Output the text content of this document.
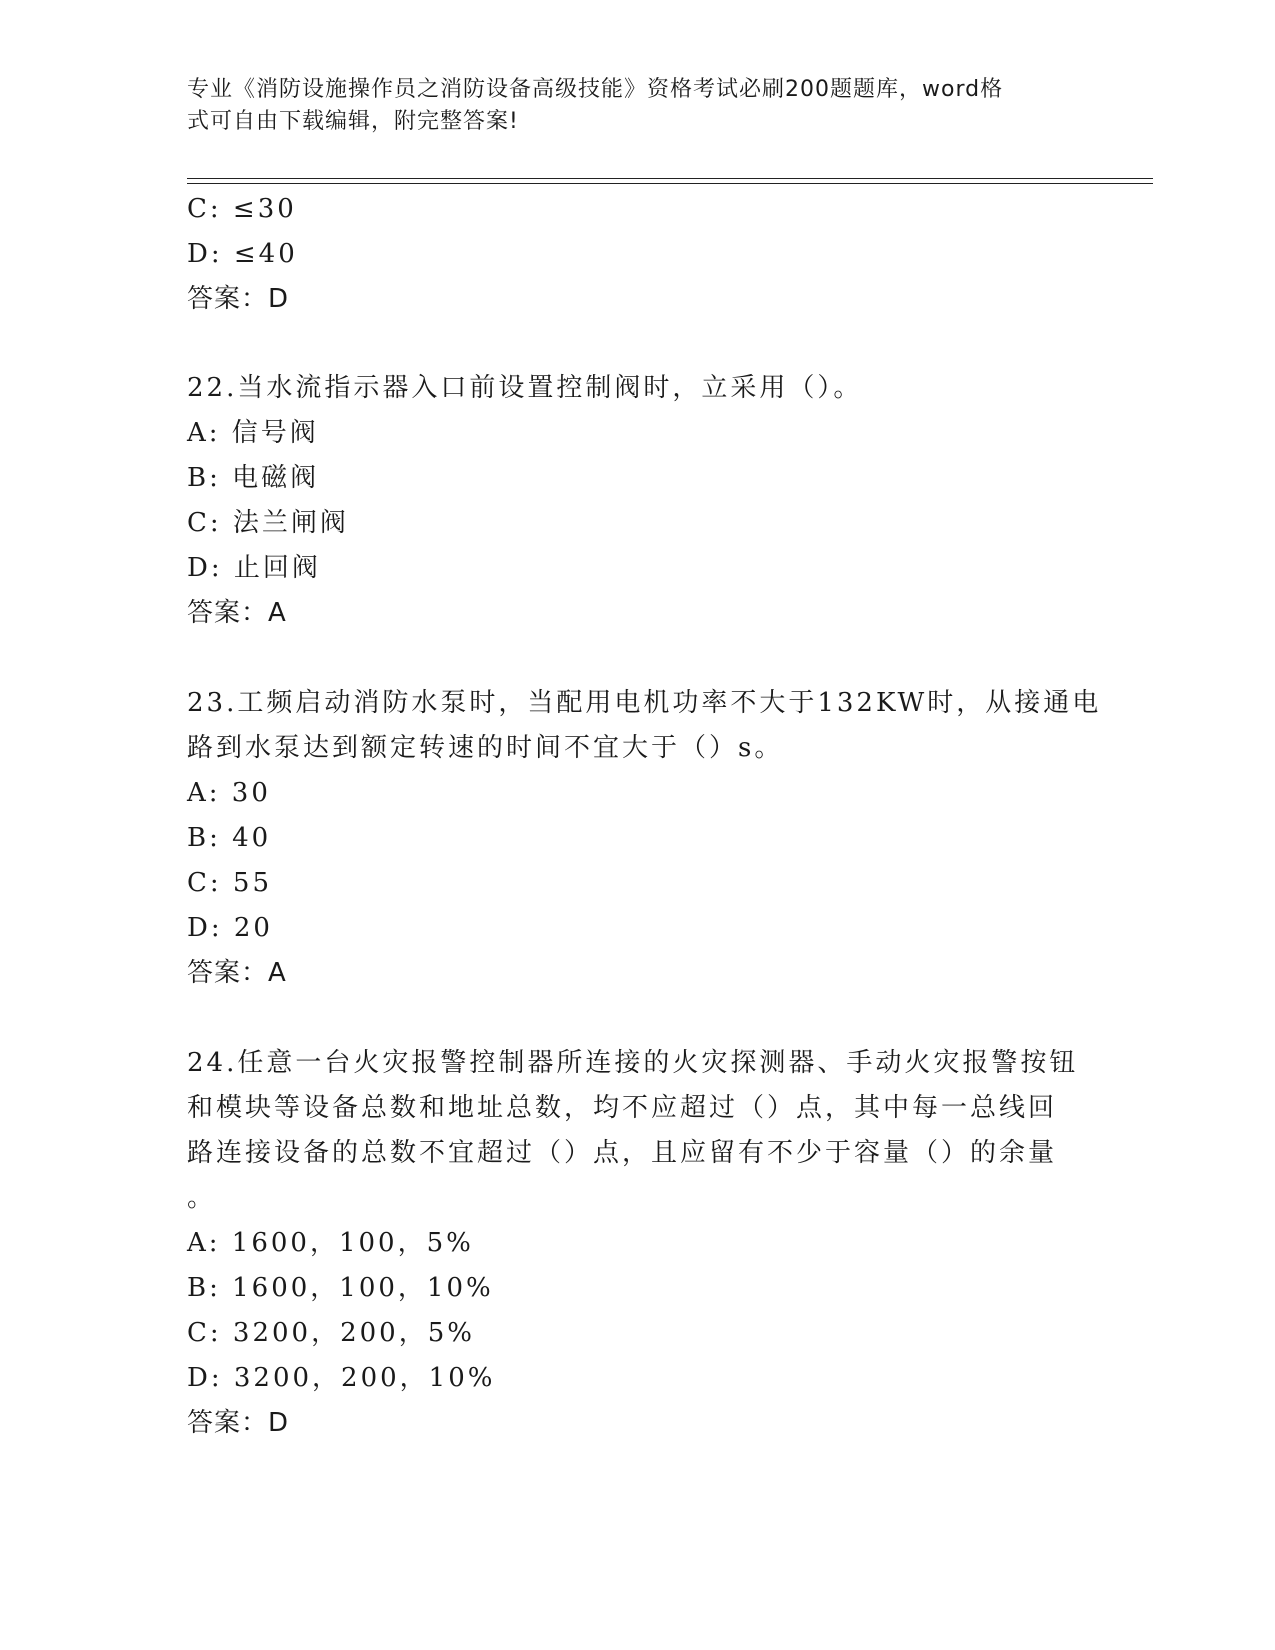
专业《消防设施操作员之消防设备高级技能》资格考试必刷200题题库，word格
式可自由下载编辑，附完整答案!
C: ≤30
D: ≤40
答案：D
22.当水流指示器入口前设置控制阀时，立采用（）。
A: 信号阀
B: 电磁阀
C: 法兰闸阀
D: 止回阀
答案：A
23.工频启动消防水泵时，当配用电机功率不大于132KW时，从接通电
路到水泵达到额定转速的时间不宜大于（）s。
A: 30
B: 40
C: 55
D: 20
答案：A
24.任意一台火灾报警控制器所连接的火灾探测器、手动火灾报警按钮
和模块等设备总数和地址总数，均不应超过（）点，其中每一总线回
路连接设备的总数不宜超过（）点，且应留有不少于容量（）的余量
。
A: 1600，100，5%
B: 1600，100，10%
C: 3200，200，5%
D: 3200，200，10%
答案：D
